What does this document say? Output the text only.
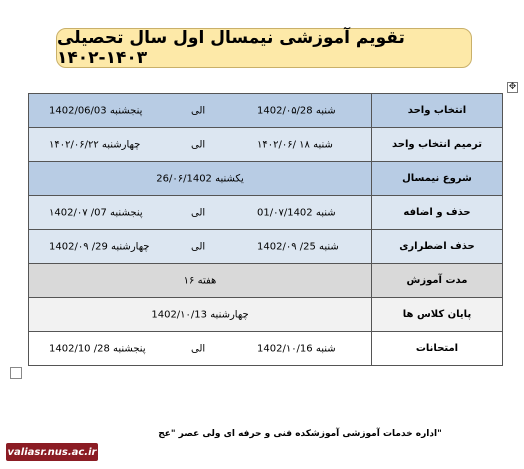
تقویم آموزشی نیمسال اول سال تحصیلی ۱۴۰۳-۱۴۰۲
✥
شنبه 1402/۰۵/28
الی
پنجشنبه 1402/06/03	انتخاب واحد

شنبه ۱۸ /۱۴۰۲/۰۶
الی
چهارشنبه ۱۴۰۲/۰۶/۲۲	ترمیم انتخاب واحد

یکشنبه 26/۰۶/1402	شروع نیمسال

شنبه 01/۰۷/1402
الی
پنجشنبه 07/ ۱402/۰۷	حذف و اضافه

شنبه 25/ 1402/۰۹
الی
چهارشنبه 29/ 1402/۰۹	حذف اضطراری

۱۶ هفته	مدت آموزش

چهارشنبه 1402/۱۰/13	پایان کلاس ها

شنبه 1402/۱۰/16
الی
پنجشنبه 28/ 1402/10	امتحانات
اداره خدمات آموزشی آموزشکده فنی و حرفه ای ولی عصر "عج"
valiasr.nus.ac.ir
